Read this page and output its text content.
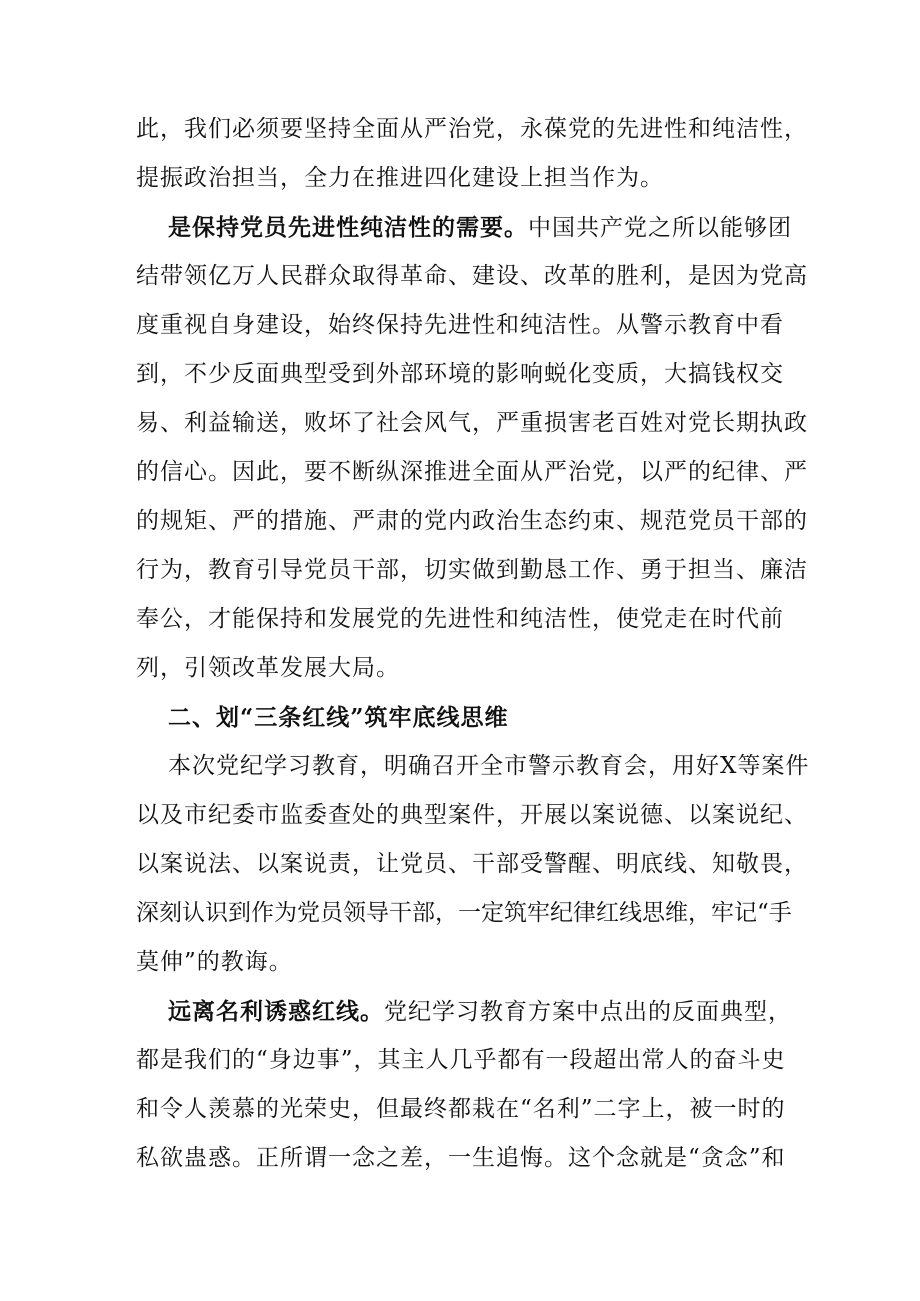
此，我们必须要坚持全面从严治党，永葆党的先进性和纯洁性，
提振政治担当，全力在推进四化建设上担当作为。
是保持党员先进性纯洁性的需要。中国共产党之所以能够团
结带领亿万人民群众取得革命、建设、改革的胜利，是因为党高
度重视自身建设，始终保持先进性和纯洁性。从警示教育中看
到，不少反面典型受到外部环境的影响蜕化变质，大搞钱权交
易、利益输送，败坏了社会风气，严重损害老百姓对党长期执政
的信心。因此，要不断纵深推进全面从严治党，以严的纪律、严
的规矩、严的措施、严肃的党内政治生态约束、规范党员干部的
行为，教育引导党员干部，切实做到勤恳工作、勇于担当、廉洁
奉公，才能保持和发展党的先进性和纯洁性，使党走在时代前
列，引领改革发展大局。
二、划“三条红线”筑牢底线思维
本次党纪学习教育，明确召开全市警示教育会，用好X等案件
以及市纪委市监委查处的典型案件，开展以案说德、以案说纪、
以案说法、以案说责，让党员、干部受警醒、明底线、知敬畏，
深刻认识到作为党员领导干部，一定筑牢纪律红线思维，牢记“手
莫伸”的教诲。
远离名利诱惑红线。党纪学习教育方案中点出的反面典型，
都是我们的“身边事”，其主人几乎都有一段超出常人的奋斗史
和令人羡慕的光荣史，但最终都栽在“名利”二字上，被一时的
私欲蛊惑。正所谓一念之差，一生追悔。这个念就是“贪念”和
